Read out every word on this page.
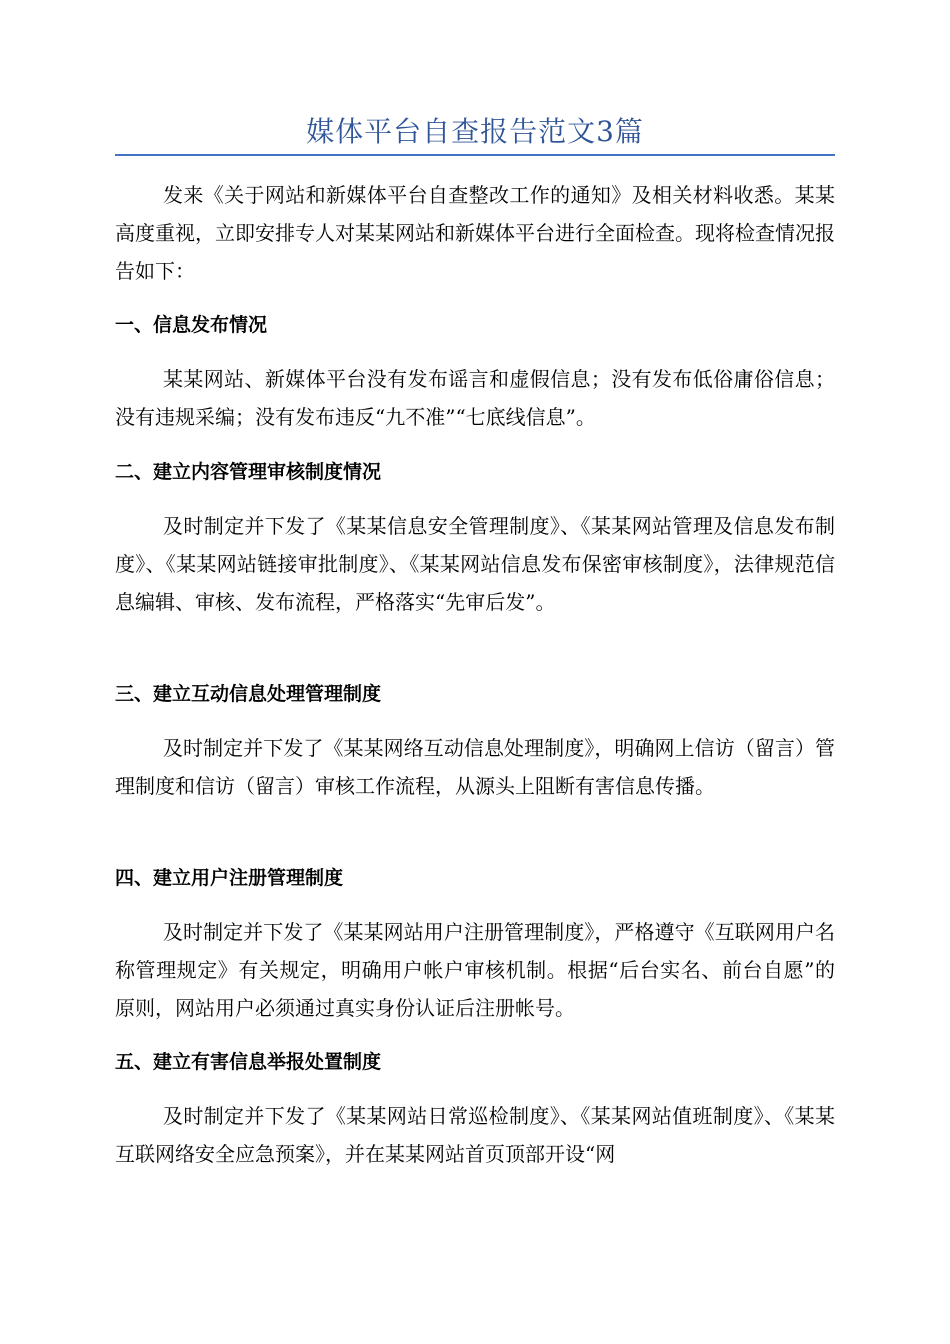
媒体平台自查报告范文3篇

发来《关于网站和新媒体平台自查整改工作的通知》及相关材料收悉。某某高度重视，立即安排专人对某某网站和新媒体平台进行全面检查。现将检查情况报告如下：

一、信息发布情况

某某网站、新媒体平台没有发布谣言和虚假信息；没有发布低俗庸俗信息；没有违规采编；没有发布违反“九不准”“七底线信息”。

二、建立内容管理审核制度情况

及时制定并下发了《某某信息安全管理制度》、《某某网站管理及信息发布制度》、《某某网站链接审批制度》、《某某网站信息发布保密审核制度》，法律规范信息编辑、审核、发布流程，严格落实“先审后发”。

三、建立互动信息处理管理制度

及时制定并下发了《某某网络互动信息处理制度》，明确网上信访（留言）管理制度和信访（留言）审核工作流程，从源头上阻断有害信息传播。

四、建立用户注册管理制度

及时制定并下发了《某某网站用户注册管理制度》，严格遵守《互联网用户名称管理规定》有关规定，明确用户帐户审核机制。根据“后台实名、前台自愿”的原则，网站用户必须通过真实身份认证后注册帐号。

五、建立有害信息举报处置制度

及时制定并下发了《某某网站日常巡检制度》、《某某网站值班制度》、《某某互联网络安全应急预案》，并在某某网站首页顶部开设“网
